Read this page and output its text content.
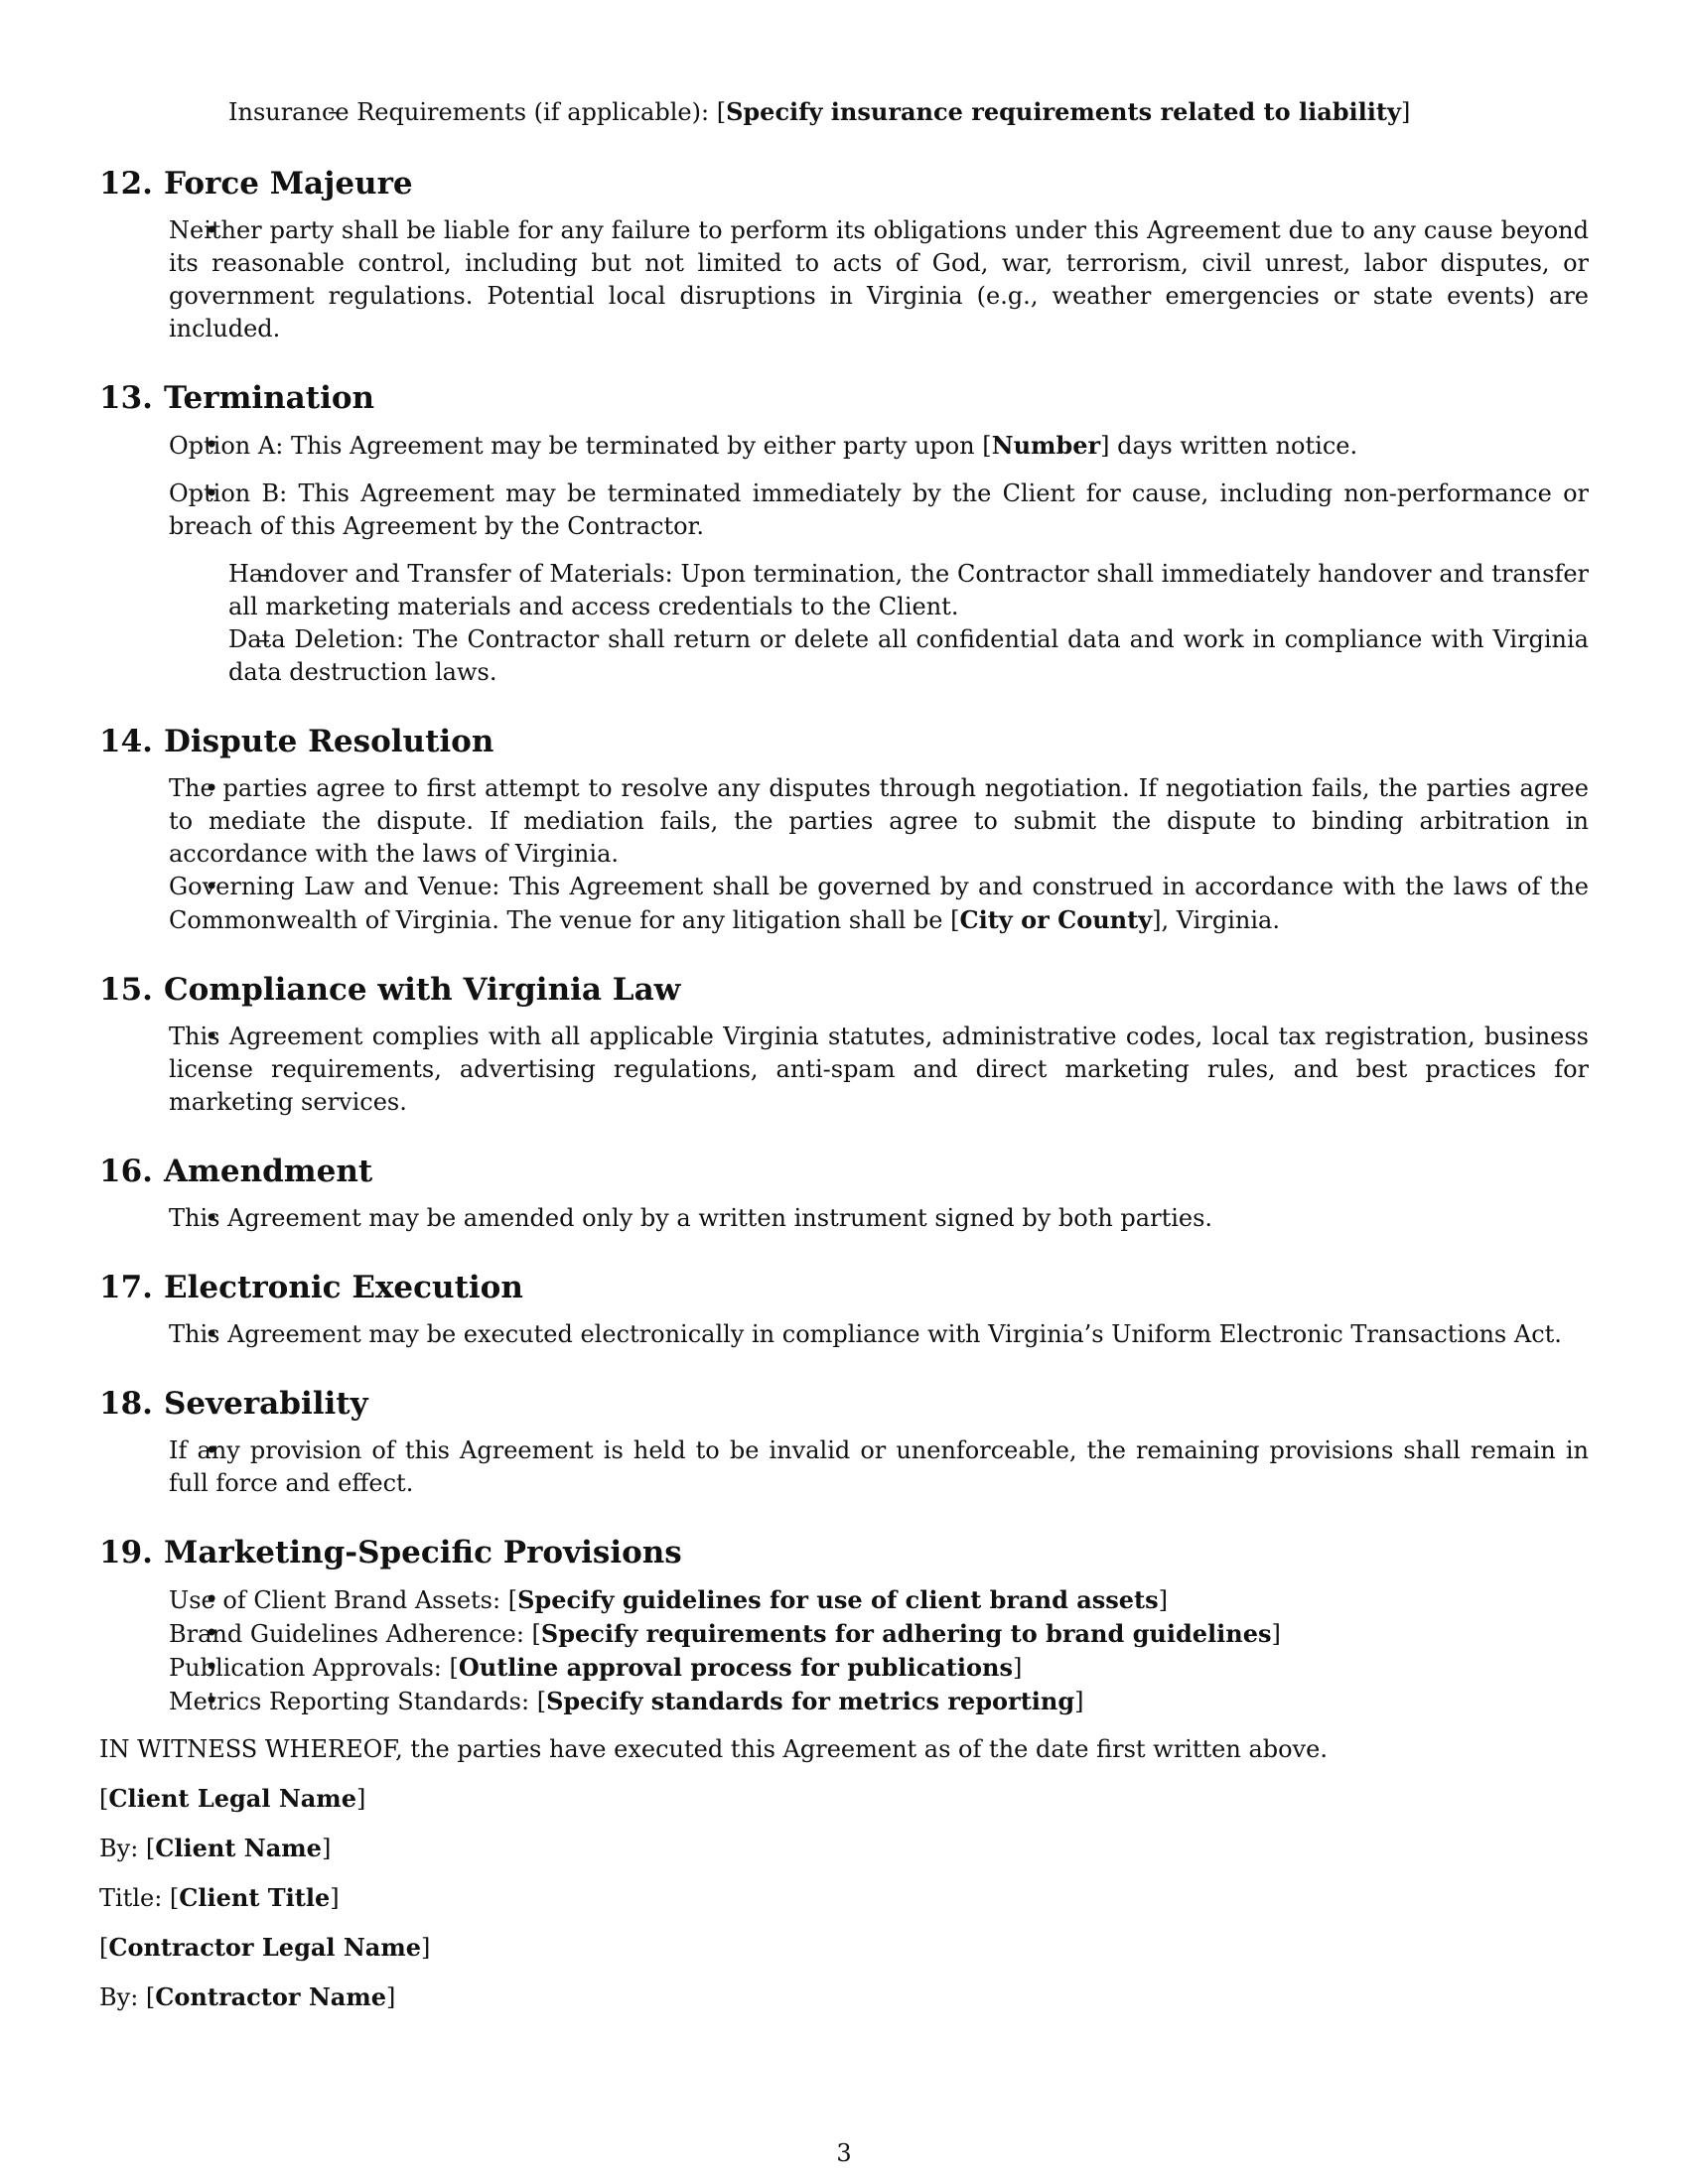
– Insurance Requirements (if applicable): [Specify insurance requirements related to liability]
12. Force Majeure
• Neither party shall be liable for any failure to perform its obligations under this Agreement due to any cause beyond its reasonable control, including but not limited to acts of God, war, terrorism, civil unrest, labor disputes, or government regulations. Potential local disruptions in Virginia (e.g., weather emergencies or state events) are included.
13. Termination
• Option A: This Agreement may be terminated by either party upon [Number] days written notice.
• Option B: This Agreement may be terminated immediately by the Client for cause, including non-performance or breach of this Agreement by the Contractor.
– Handover and Transfer of Materials: Upon termination, the Contractor shall immediately handover and transfer all marketing materials and access credentials to the Client.
– Data Deletion: The Contractor shall return or delete all confidential data and work in compliance with Virginia data destruction laws.
14. Dispute Resolution
• The parties agree to first attempt to resolve any disputes through negotiation. If negotiation fails, the parties agree to mediate the dispute. If mediation fails, the parties agree to submit the dispute to binding arbitration in accordance with the laws of Virginia.
• Governing Law and Venue: This Agreement shall be governed by and construed in accordance with the laws of the Commonwealth of Virginia. The venue for any litigation shall be [City or County], Virginia.
15. Compliance with Virginia Law
• This Agreement complies with all applicable Virginia statutes, administrative codes, local tax registration, business license requirements, advertising regulations, anti-spam and direct marketing rules, and best practices for marketing services.
16. Amendment
• This Agreement may be amended only by a written instrument signed by both parties.
17. Electronic Execution
• This Agreement may be executed electronically in compliance with Virginia’s Uniform Electronic Transactions Act.
18. Severability
• If any provision of this Agreement is held to be invalid or unenforceable, the remaining provisions shall remain in full force and effect.
19. Marketing-Specific Provisions
• Use of Client Brand Assets: [Specify guidelines for use of client brand assets]
• Brand Guidelines Adherence: [Specify requirements for adhering to brand guidelines]
• Publication Approvals: [Outline approval process for publications]
• Metrics Reporting Standards: [Specify standards for metrics reporting]

IN WITNESS WHEREOF, the parties have executed this Agreement as of the date first written above.

[Client Legal Name]

By: [Client Name]

Title: [Client Title]

[Contractor Legal Name]

By: [Contractor Name]

3
